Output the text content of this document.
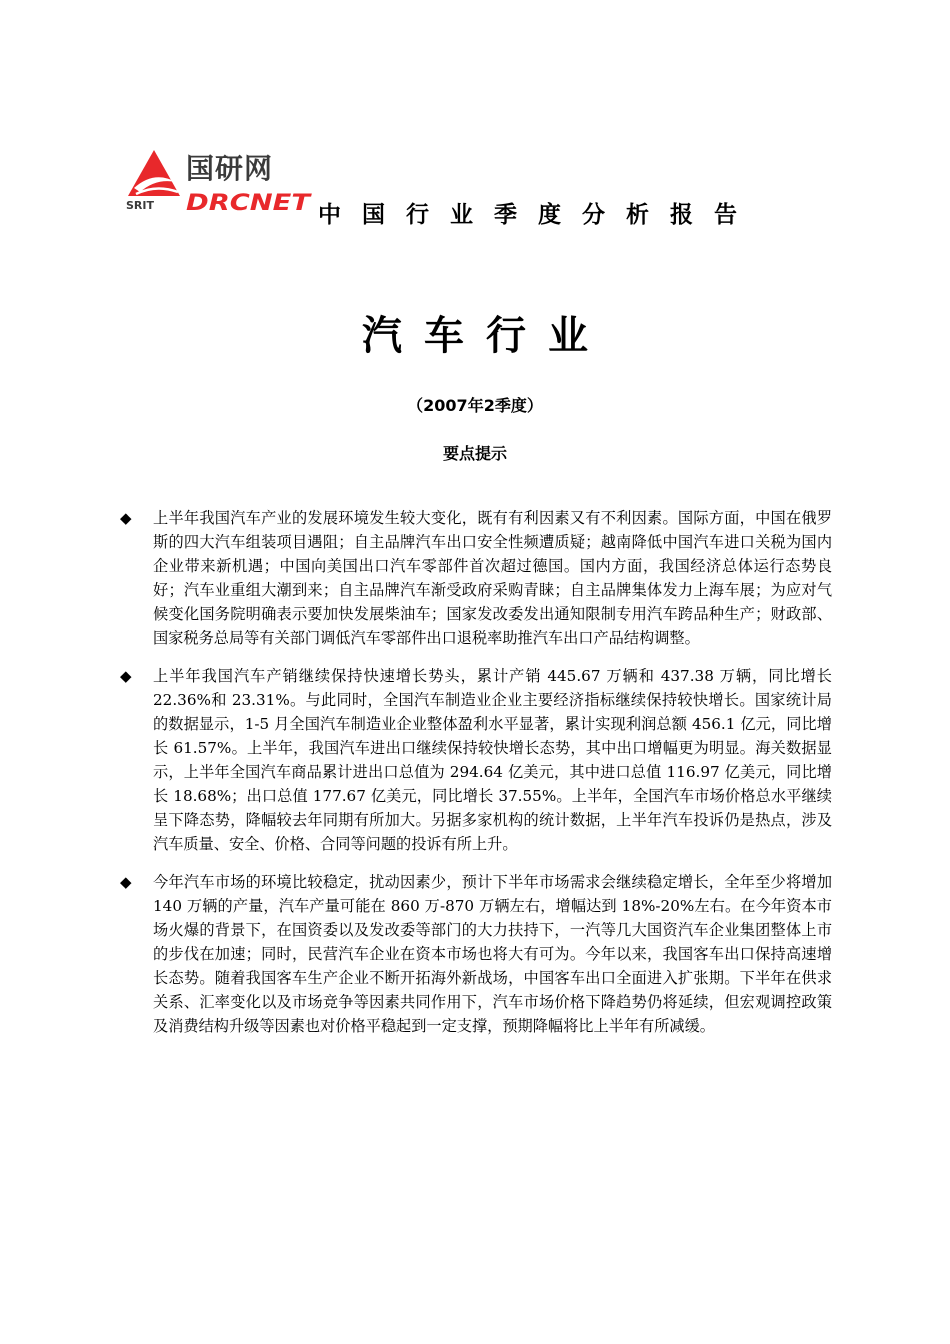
国研网
SRIT DRCNET 中国行业季度分析报告
汽车行业
（2007年2季度）
要点提示
◆ 上半年我国汽车产业的发展环境发生较大变化，既有有利因素又有不利因素。国际方面，中国在俄罗斯的四大汽车组装项目遇阻；自主品牌汽车出口安全性频遭质疑；越南降低中国汽车进口关税为国内企业带来新机遇；中国向美国出口汽车零部件首次超过德国。国内方面，我国经济总体运行态势良好；汽车业重组大潮到来；自主品牌汽车渐受政府采购青睐；自主品牌集体发力上海车展；为应对气候变化国务院明确表示要加快发展柴油车；国家发改委发出通知限制专用汽车跨品种生产；财政部、国家税务总局等有关部门调低汽车零部件出口退税率助推汽车出口产品结构调整。
◆ 上半年我国汽车产销继续保持快速增长势头，累计产销 445.67 万辆和 437.38 万辆，同比增长 22.36%和 23.31%。与此同时，全国汽车制造业企业主要经济指标继续保持较快增长。国家统计局的数据显示，1-5 月全国汽车制造业企业整体盈利水平显著，累计实现利润总额 456.1 亿元，同比增长 61.57%。上半年，我国汽车进出口继续保持较快增长态势，其中出口增幅更为明显。海关数据显示，上半年全国汽车商品累计进出口总值为 294.64 亿美元，其中进口总值 116.97 亿美元，同比增长 18.68%；出口总值 177.67 亿美元，同比增长 37.55%。上半年，全国汽车市场价格总水平继续呈下降态势，降幅较去年同期有所加大。另据多家机构的统计数据，上半年汽车投诉仍是热点，涉及汽车质量、安全、价格、合同等问题的投诉有所上升。
◆ 今年汽车市场的环境比较稳定，扰动因素少，预计下半年市场需求会继续稳定增长，全年至少将增加 140 万辆的产量，汽车产量可能在 860 万-870 万辆左右，增幅达到 18%-20%左右。在今年资本市场火爆的背景下，在国资委以及发改委等部门的大力扶持下，一汽等几大国资汽车企业集团整体上市的步伐在加速；同时，民营汽车企业在资本市场也将大有可为。今年以来，我国客车出口保持高速增长态势。随着我国客车生产企业不断开拓海外新战场，中国客车出口全面进入扩张期。下半年在供求关系、汇率变化以及市场竞争等因素共同作用下，汽车市场价格下降趋势仍将延续，但宏观调控政策及消费结构升级等因素也对价格平稳起到一定支撑，预期降幅将比上半年有所减缓。
